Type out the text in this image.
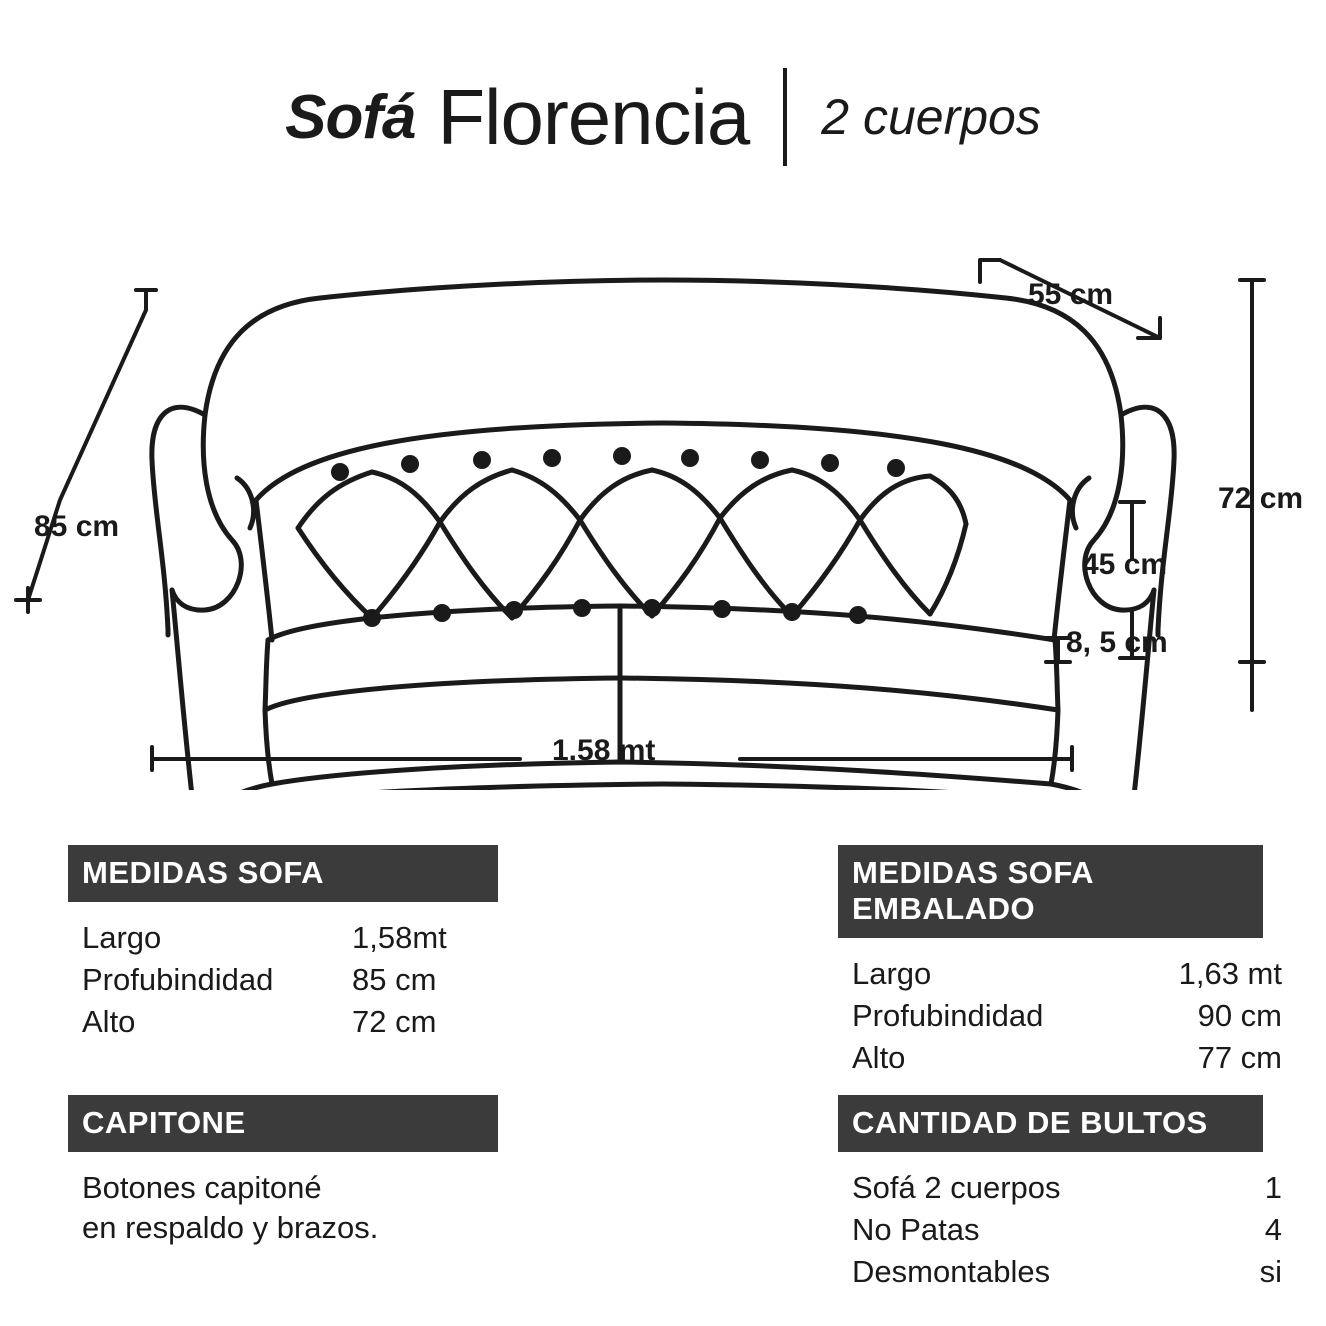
Sofá Florencia 2 cuerpos
85 cm
55 cm
72 cm
45 cm
8, 5 cm
1.58 mt
MEDIDAS SOFA
Largo	1,58mt
Profubindidad	85 cm
Alto	72 cm
CAPITONE
Botones capitoné
en respaldo y brazos.
MEDIDAS SOFA EMBALADO
Largo	1,63 mt
Profubindidad	90 cm
Alto	77 cm
CANTIDAD DE BULTOS
Sofá 2 cuerpos	1
No Patas	4
Desmontables	si
